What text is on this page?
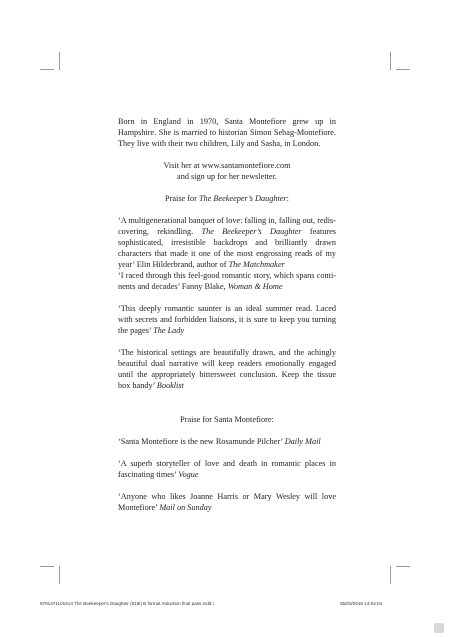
Born in England in 1970, Santa Montefiore grew up in Hampshire. She is married to historian Simon Sebag-Montefiore. They live with their two children, Lily and Sasha, in London.

Visit her at www.santamontefiore.com

and sign up for her newsletter.

Praise for The Beekeeper’s Daughter:

‘A multigenerational banquet of love: falling in, falling out, rediscovering, rekindling. The Beekeeper’s Daughter features sophisticated, irresistible backdrops and brilliantly drawn characters that made it one of the most engrossing reads of my year’ Elin Hilderbrand, author of The Matchmaker

‘I raced through this feel-good romantic story, which spans continents and decades’ Fanny Blake, Woman & Home

‘This deeply romantic saunter is an ideal summer read. Laced with secrets and forbidden liaisons, it is sure to keep you turning the pages’ The Lady

‘The historical settings are beautifully drawn, and the achingly beautiful dual narrative will keep readers emotionally engaged until the appropriately bittersweet conclusion. Keep the tissue box handy’ Booklist

Praise for Santa Montefiore:

‘Santa Montefiore is the new Rosamunde Pilcher’ Daily Mail

‘A superb storyteller of love and death in romantic places in fascinating times’ Vogue

‘Anyone who likes Joanne Harris or Mary Wesley will love Montefiore’ Mail on Sunday

9781471101614 The Beekeeper's Daughter (519i) B format reduction final pass.indd i	05/03/2015 14:54:04
